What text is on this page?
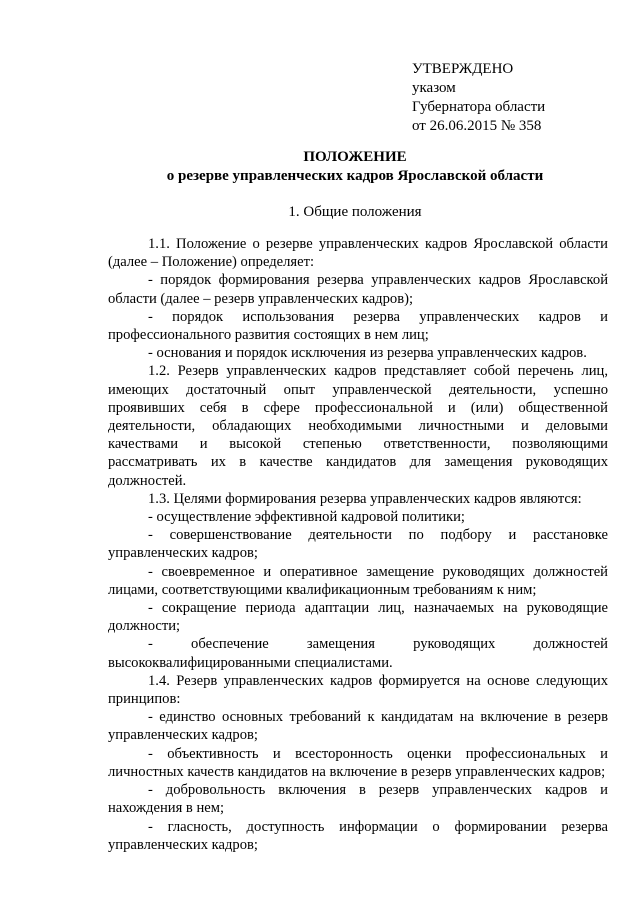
УТВЕРЖДЕНО
указом
Губернатора области
от 26.06.2015 № 358
ПОЛОЖЕНИЕ
о резерве управленческих кадров Ярославской области
1. Общие положения

1.1. Положение о резерве управленческих кадров Ярославской области (далее – Положение) определяет:

- порядок формирования резерва управленческих кадров Ярославской области (далее – резерв управленческих кадров);

- порядок использования резерва управленческих кадров и профессионального развития состоящих в нем лиц;

- основания и порядок исключения из резерва управленческих кадров.

1.2. Резерв управленческих кадров представляет собой перечень лиц, имеющих достаточный опыт управленческой деятельности, успешно проявивших себя в сфере профессиональной и (или) общественной деятельности, обладающих необходимыми личностными и деловыми качествами и высокой степенью ответственности, позволяющими рассматривать их в качестве кандидатов для замещения руководящих должностей.

1.3. Целями формирования резерва управленческих кадров являются:

- осуществление эффективной кадровой политики;

- совершенствование деятельности по подбору и расстановке управленческих кадров;

- своевременное и оперативное замещение руководящих должностей лицами, соответствующими квалификационным требованиям к ним;

- сокращение периода адаптации лиц, назначаемых на руководящие должности;

- обеспечение замещения руководящих должностей высококвалифицированными специалистами.

1.4. Резерв управленческих кадров формируется на основе следующих принципов:

- единство основных требований к кандидатам на включение в резерв управленческих кадров;

- объективность и всесторонность оценки профессиональных и личностных качеств кандидатов на включение в резерв управленческих кадров;

- добровольность включения в резерв управленческих кадров и нахождения в нем;

- гласность, доступность информации о формировании резерва управленческих кадров;
